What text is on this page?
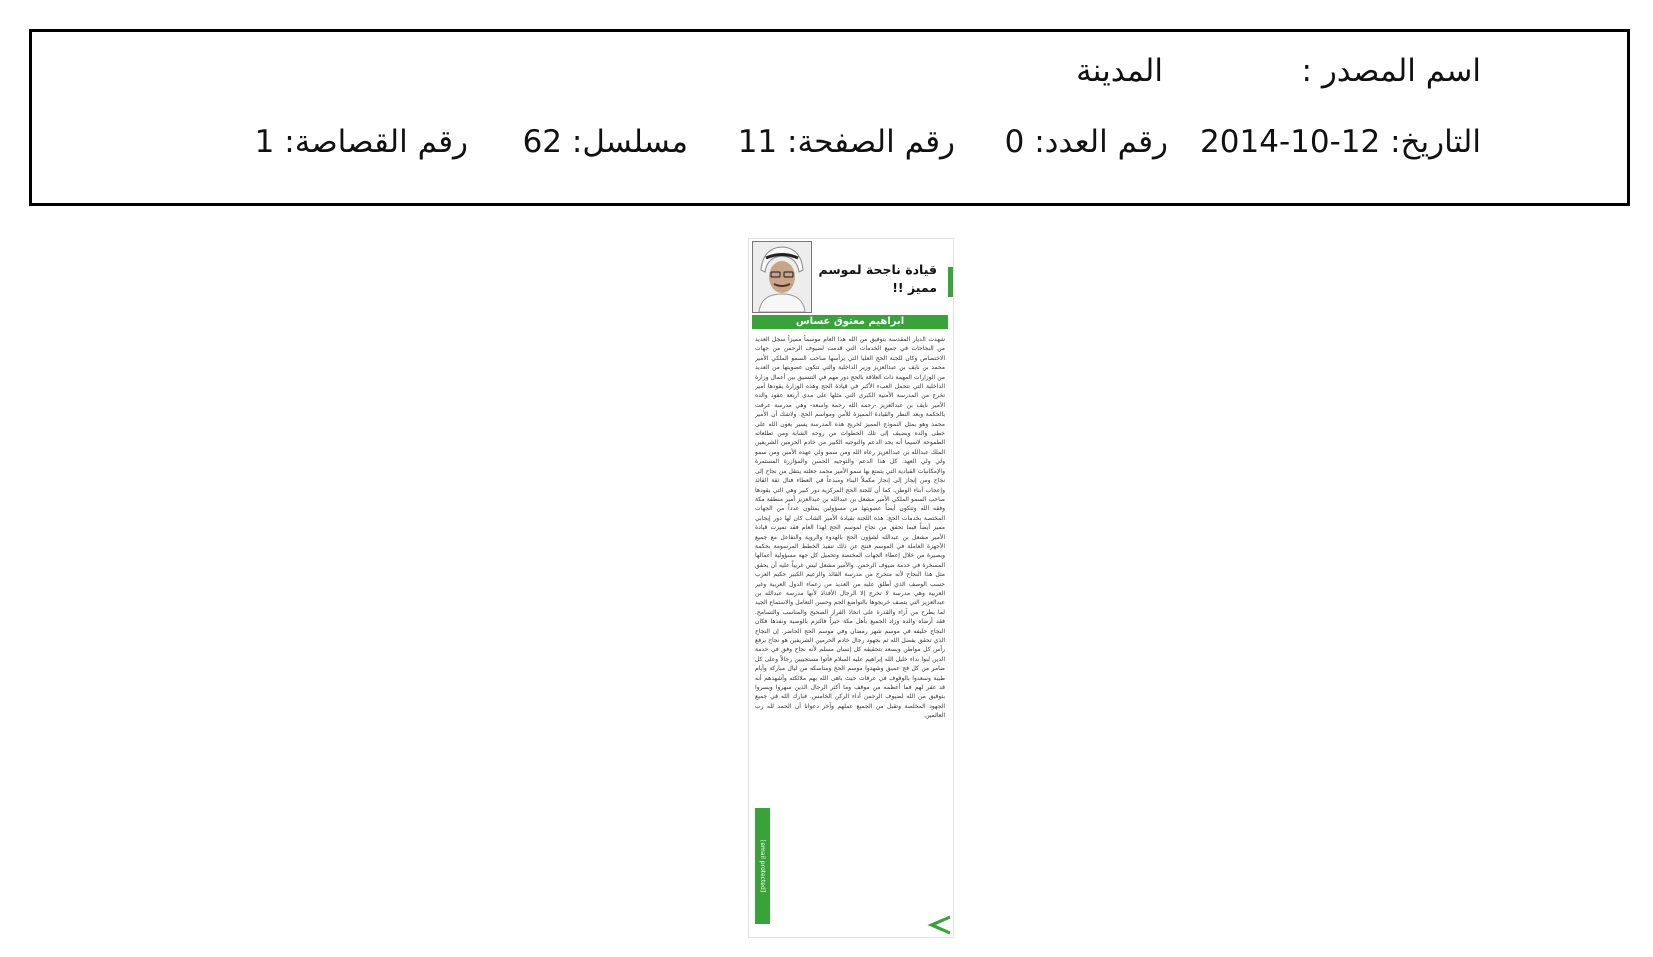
اسم المصدر :
المدينة
التاريخ: 2014-10-12
رقم العدد: 0
رقم الصفحة: 11
مسلسل: 62
رقم القصاصة: 1
قيادة ناجحة لموسم مميز !!
ابراهيم معتوق عساس
شهدت الديار المقدسة بتوفيق من الله هذا العام موسماً مميزاً سجل العديد من النجاحات في جميع الخدمات التي قدمت لضيوف الرحمن من جهات الاختصاص وكان للجنة الحج العليا التي يرأسها صاحب السمو الملكي الأمير محمد بن نايف بن عبدالعزيز وزير الداخلية والتي تتكون عضويتها من العديد من الوزارات المهمة ذات العلاقة بالحج دور مهم في التنسيق بين أعمال وزارة الداخلية التي تتحمل العبء الأكبر في قيادة الحج وهذه الوزارة يقودها أمير تخرج من المدرسة الأمنية الكبرى التي مثلها على مدى أربعة عقود والده الأمير نايف بن عبدالعزيز -رحمه الله رحمة واسعة- وهي مدرسة عرفت بالحكمة وبعد النظر والقيادة المميزة للأمن ومواسم الحج. ولاشك أن الأمير محمد وهو يمثل النموذج المميز لخريج هذه المدرسة يسير بعون الله على خطى والده ويضيف إلى تلك الخطوات من روحه الشابة ومن تطلعاته الطموحة لاسيما أنه يجد الدعم والتوجيه الكبير من خادم الحرمين الشريفين الملك عبدالله بن عبدالعزيز رعاه الله ومن سمو ولي عهده الأمين ومن سمو ولي ولي العهد. كل هذا الدعم والتوجيه الحسن والمؤازرة المستمرة والإمكانيات القيادية التي يتمتع بها سمو الأمير محمد جعلته ينتقل من نجاح إلى نجاح ومن إنجاز إلى إنجاز مكملاً البناء ومبدعاً في العطاء فنال ثقة القائد وإعجاب أبناء الوطن. كما أن للجنة الحج المركزية دور كبير وهي التي يقودها صاحب السمو الملكي الأمير مشعل بن عبدالله بن عبدالعزيز أمير منطقة مكة وفقه الله وتتكون أيضاً عضويتها من مسؤولين يمثلون عدداً من الجهات المختصة بخدمات الحج. هذه اللجنة بقيادة الأمير الشاب كان لها دور إيجابي مميز أيضاً فيما تحقق من نجاح لموسم الحج لهذا العام فقد تميزت قيادة الأمير مشعل بن عبدالله لشؤون الحج بالهدوء والروية والتفاعل مع جميع الأجهزة العاملة في الموسم فنتج عن ذلك تنفيذ الخطط المرسومة بحكمة وبصيرة من خلال إعطاء الجهات المختصة وتحميل كل جهة مسؤولية أعمالها المسخرة في خدمة ضيوف الرحمن. والأمير مشعل ليس غريباً عليه أن يحقق مثل هذا النجاح لأنه متخرج من مدرسة القائد والزعيم الكبير حكيم العرب حسب الوصف الذي أطلق عليه من العديد من زعماء الدول العربية وغير العربية وهي مدرسة لا تخرج إلا الرجال الأفذاذ لأنها مدرسة عبدالله بن عبدالعزيز التي يتصف خريجوها بالتواضع الجم وحسن التعامل والاستماع الجيد لما يطرح من آراء والقدرة على اتخاذ القرار الصحيح والمناسب والتسامح. فقد أرضاه والده وزاد الجميع بأهل مكة خيراً فالتزم بالوصية ونفذها فكان النجاح حليفه في موسم شهر رمضان وفي موسم الحج الحاضر. إن النجاح الذي تحقق بفضل الله ثم بجهود رجال خادم الحرمين الشريفين هو نجاح يرفع رأس كل مواطن ويسعد بتحقيقه كل إنسان مسلم لأنه نجاح وفق في خدمة الدين لبوا نداء خليل الله إبراهيم عليه السلام فأتوا مستجيبين رجالاً وعلى كل ضامر من كل فج عميق وشهدوا موسم الحج ومناسكه من ليال مباركة وأيام طيبة وسعدوا بالوقوف في عرفات حيث باهى الله بهم ملائكته وأشهدهم أنه قد غفر لهم فما أعظمه من موقف وما أكثر الرجال الذين سهروا ويسروا بتوفيق من الله لضيوف الرحمن أداء الركن الخامس. فبارك الله في جميع الجهود المخلصة وتقبل من الجميع عملهم وآخر دعوانا أن الحمد لله رب العالمين.
[email protected]
